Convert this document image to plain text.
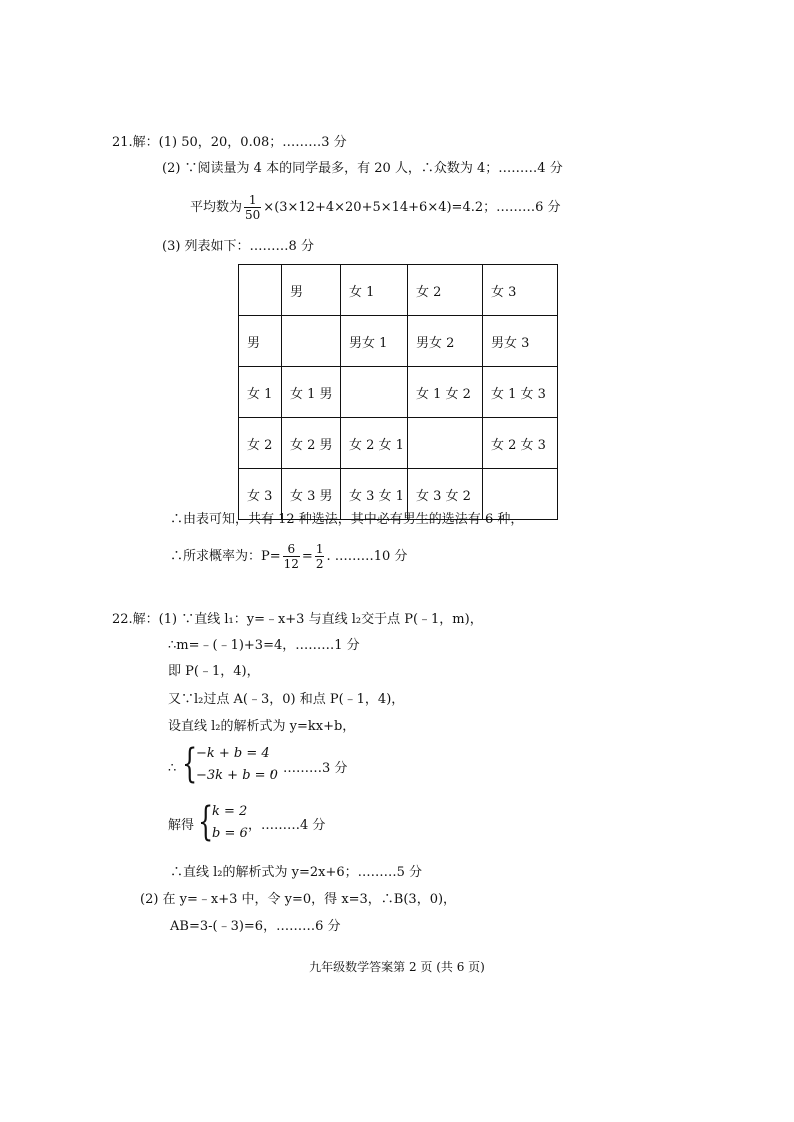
21.解：(1) 50，20，0.08；………3 分
(2) ∵阅读量为 4 本的同学最多，有 20 人，∴众数为 4；………4 分
平均数为 $\frac{1}{50} \times(3\times 12+4\times 20+5\times 14+6\times 4)=4.2$；………6 分
(3) 列表如下：………8 分
	男	女 1	女 2	女 3
男		男女 1	男女 2	男女 3
女 1	女 1 男		女 1 女 2	女 1 女 3
女 2	女 2 男	女 2 女 1		女 2 女 3
女 3	女 3 男	女 3 女 1	女 3 女 2	
∴由表可知，共有 12 种选法，其中必有男生的选法有 6 种，
∴所求概率为：$P= \frac{6}{12} = \frac{1}{2}$ . ………10 分
22.解：(1) ∵直线 l₁：y=﹣x+3 与直线 l₂交于点 P(﹣1，m)，
∴m=﹣(﹣1)+3=4，………1 分
即 P(﹣1，4)，
又∵l₂过点 A(﹣3，0) 和点 P(﹣1，4)，
设直线 l₂的解析式为 y=kx+b，
∴ {
−k + b = 4
−3k + b = 0
，………3 分
解得 {
k = 2
b = 6
，………4 分
∴直线 l₂的解析式为 y=2x+6；………5 分
(2) 在 y=﹣x+3 中，令 y=0，得 x=3，∴B(3，0)，
AB=3-(﹣3)=6，………6 分
九年级数学答案第 2 页 (共 6 页)
